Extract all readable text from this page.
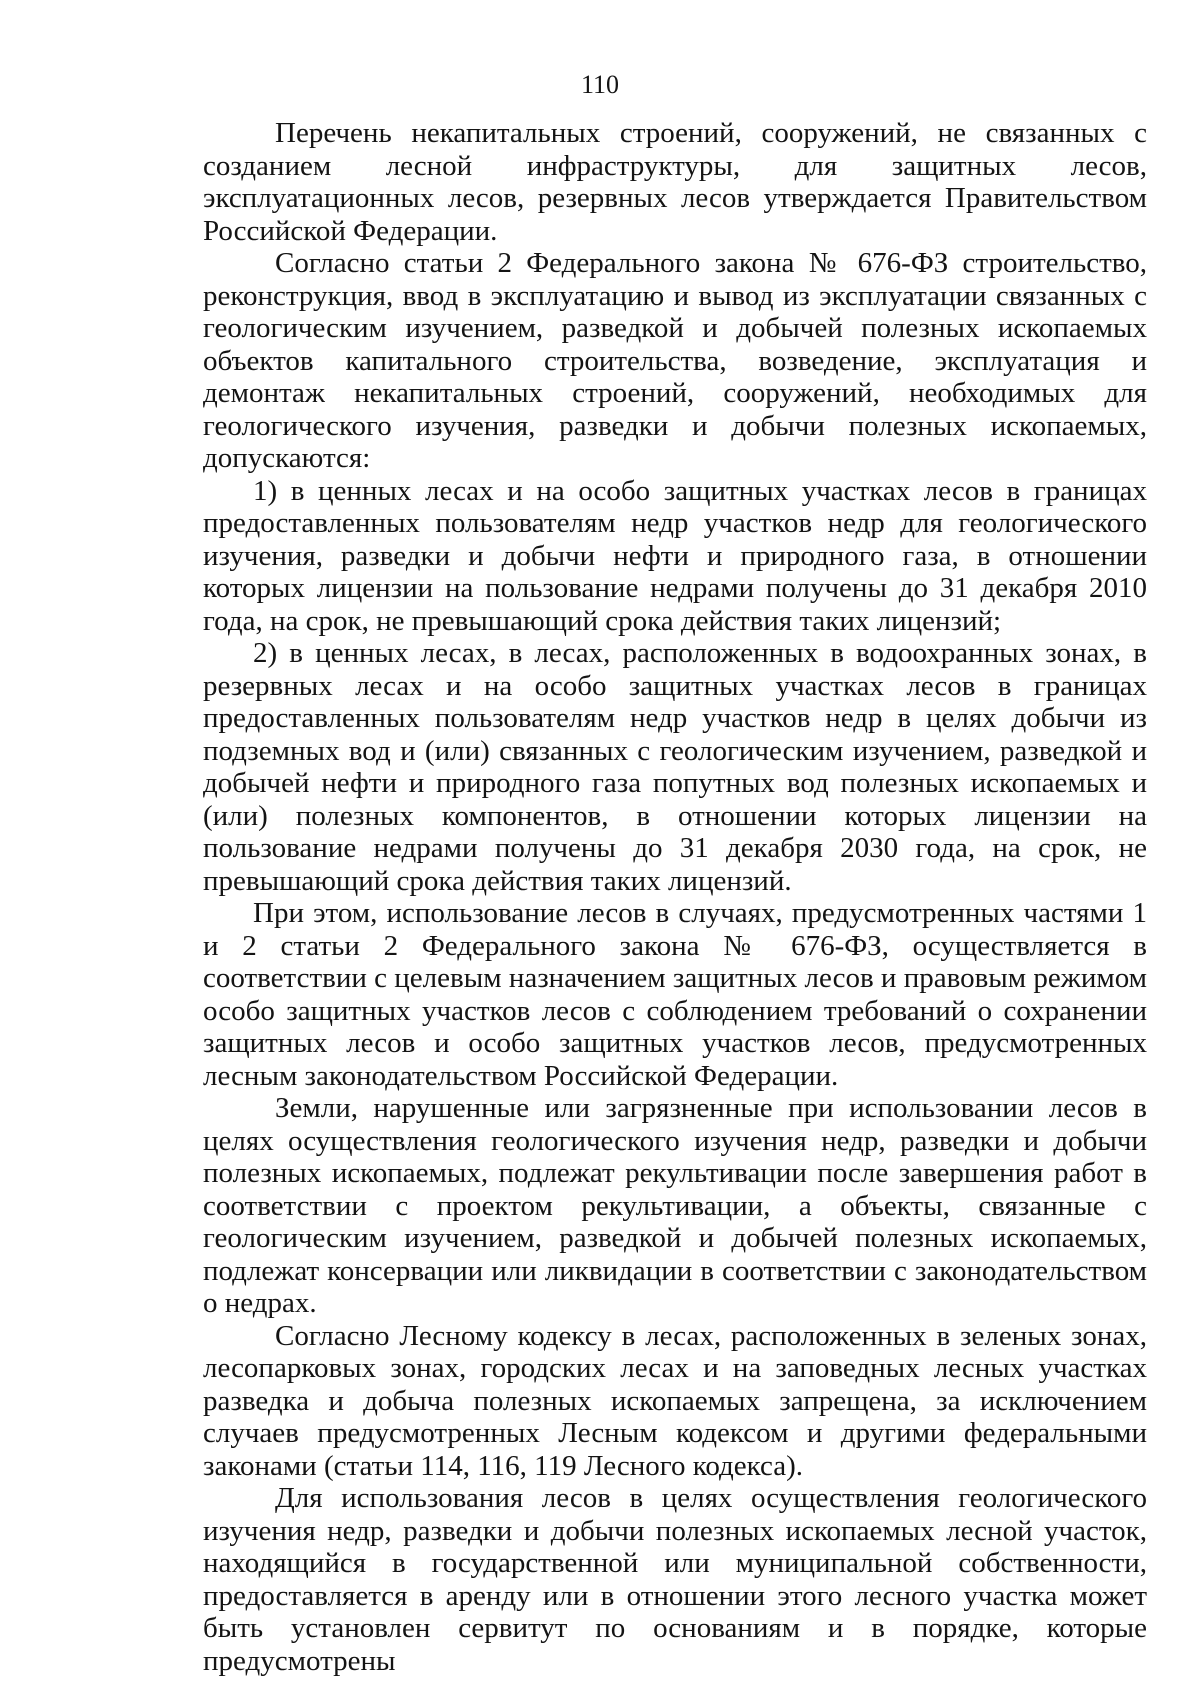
110

Перечень некапитальных строений, сооружений, не связанных с созданием лесной инфраструктуры, для защитных лесов, эксплуатационных лесов, резервных лесов утверждается Правительством Российской Федерации.

Согласно статьи 2 Федерального закона № 676-ФЗ строительство, реконструкция, ввод в эксплуатацию и вывод из эксплуатации связанных с геологическим изучением, разведкой и добычей полезных ископаемых объектов капитального строительства, возведение, эксплуатация и демонтаж некапитальных строений, сооружений, необходимых для геологического изучения, разведки и добычи полезных ископаемых, допускаются:

1) в ценных лесах и на особо защитных участках лесов в границах предоставленных пользователям недр участков недр для геологического изучения, разведки и добычи нефти и природного газа, в отношении которых лицензии на пользование недрами получены до 31 декабря 2010 года, на срок, не превышающий срока действия таких лицензий;

2) в ценных лесах, в лесах, расположенных в водоохранных зонах, в резервных лесах и на особо защитных участках лесов в границах предоставленных пользователям недр участков недр в целях добычи из подземных вод и (или) связанных с геологическим изучением, разведкой и добычей нефти и природного газа попутных вод полезных ископаемых и (или) полезных компонентов, в отношении которых лицензии на пользование недрами получены до 31 декабря 2030 года, на срок, не превышающий срока действия таких лицензий.

При этом, использование лесов в случаях, предусмотренных частями 1 и 2 статьи 2 Федерального закона № 676-ФЗ, осуществляется в соответствии с целевым назначением защитных лесов и правовым режимом особо защитных участков лесов с соблюдением требований о сохранении защитных лесов и особо защитных участков лесов, предусмотренных лесным законодательством Российской Федерации.

Земли, нарушенные или загрязненные при использовании лесов в целях осуществления геологического изучения недр, разведки и добычи полезных ископаемых, подлежат рекультивации после завершения работ в соответствии с проектом рекультивации, а объекты, связанные с геологическим изучением, разведкой и добычей полезных ископаемых, подлежат консервации или ликвидации в соответствии с законодательством о недрах.

Согласно Лесному кодексу в лесах, расположенных в зеленых зонах, лесопарковых зонах, городских лесах и на заповедных лесных участках разведка и добыча полезных ископаемых запрещена, за исключением случаев предусмотренных Лесным кодексом и другими федеральными законами (статьи 114, 116, 119 Лесного кодекса).

Для использования лесов в целях осуществления геологического изучения недр, разведки и добычи полезных ископаемых лесной участок, находящийся в государственной или муниципальной собственности, предоставляется в аренду или в отношении этого лесного участка может быть установлен сервитут по основаниям и в порядке, которые предусмотрены
